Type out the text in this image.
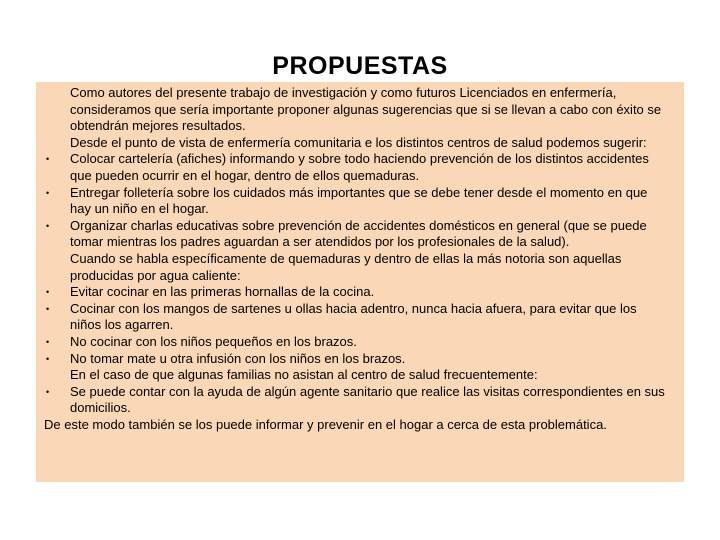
PROPUESTAS

Como autores del presente trabajo de investigación y como futuros Licenciados en enfermería, consideramos que sería importante proponer algunas sugerencias que si se llevan a cabo con éxito se obtendrán mejores resultados.

Desde el punto de vista de enfermería comunitaria e los distintos centros de salud podemos sugerir:

• Colocar cartelería (afiches) informando y sobre todo haciendo prevención de los distintos accidentes que pueden ocurrir en el hogar, dentro de ellos quemaduras.

• Entregar folletería sobre los cuidados más importantes que se debe tener desde el momento en que hay un niño en el hogar.

• Organizar charlas educativas sobre prevención de accidentes domésticos en general (que se puede tomar mientras los padres aguardan a ser atendidos por los profesionales de la salud).

Cuando se habla específicamente de quemaduras y dentro de ellas la más notoria son aquellas producidas por agua caliente:

• Evitar cocinar en las primeras hornallas de la cocina.

• Cocinar con los mangos de sartenes u ollas hacia adentro, nunca hacia afuera, para evitar que los niños los agarren.

• No cocinar con los niños pequeños en los brazos.

• No tomar mate u otra infusión con los niños en los brazos.

En el caso de que algunas familias no asistan al centro de salud frecuentemente:

• Se puede contar con la ayuda de algún agente sanitario que realice las visitas correspondientes en sus domicilios.

De este modo también se los puede informar y prevenir en el hogar a cerca de esta problemática.
